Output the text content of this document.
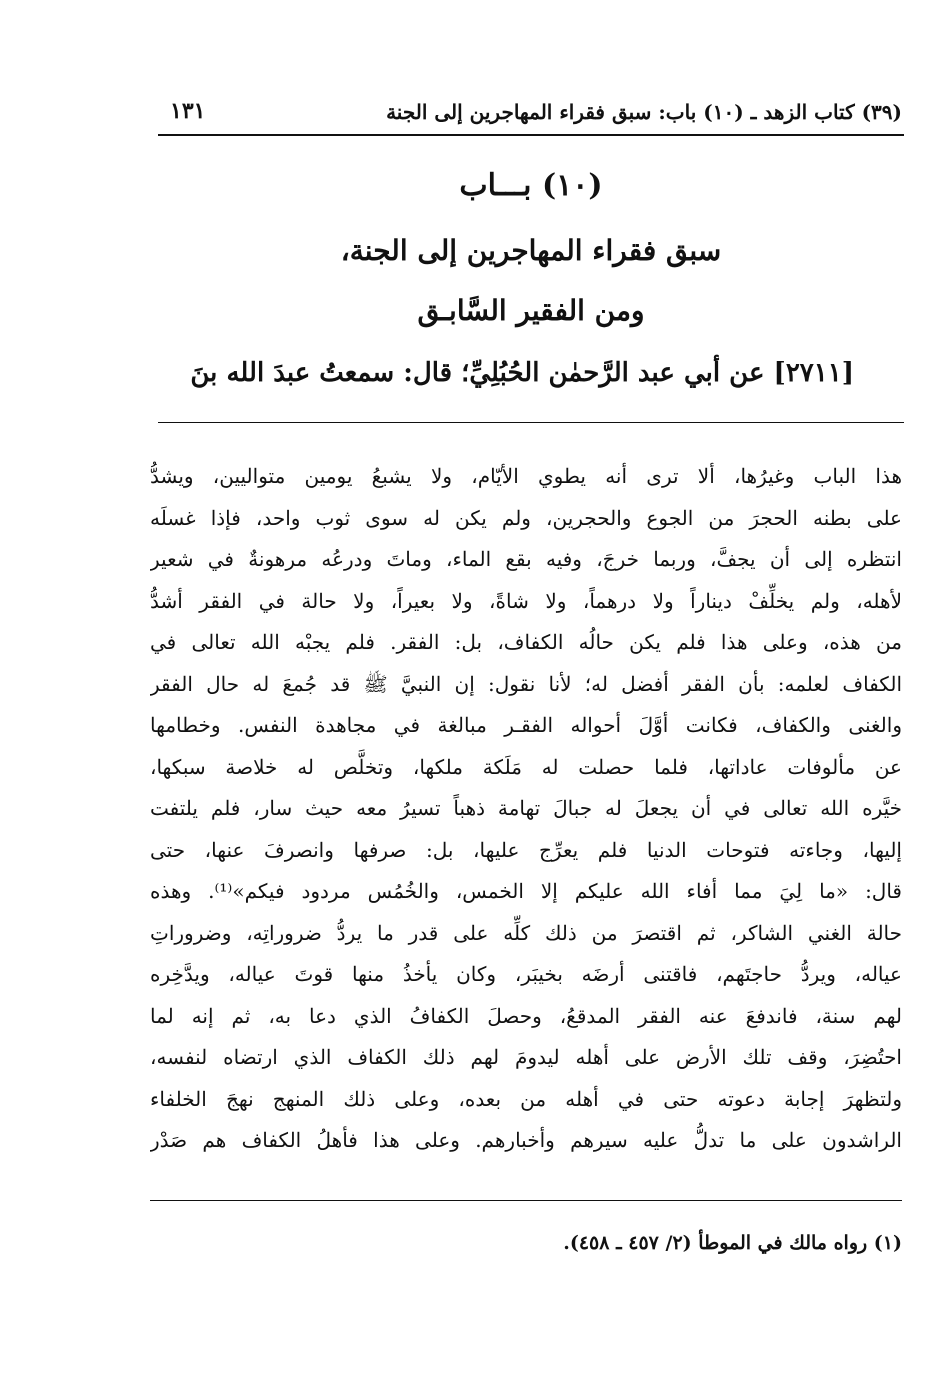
(٣٩) كتاب الزهد ـ (١٠) باب: سبق فقراء المهاجرين إلى الجنة
١٣١
(١٠) بـــاب
سبق فقراء المهاجرين إلى الجنة،
ومن الفقير السَّابـق
[٢٧١١] عن أبي عبد الرَّحمٰن الحُبُلِيِّ؛ قال: سمعتُ عبدَ الله بنَ
هذا الباب وغيرُها، ألا ترى أنه يطوي الأيّام، ولا يشبعُ يومين متواليين، ويشدُّ
على بطنه الحجرَ من الجوع والحجرين، ولم يكن له سوى ثوب واحد، فإذا غسلَه
انتظره إلى أن يجفَّ، وربما خرجَ، وفيه بقع الماء، وماتَ ودرعُه مرهونةٌ في شعير
لأهله، ولم يخلِّفْ ديناراً ولا درهماً، ولا شاةً، ولا بعيراً، ولا حالة في الفقر أشدُّ
من هذه، وعلى هذا فلم يكن حالُه الكفاف، بل: الفقر. فلم يجبْه الله تعالى في
الكفاف لعلمه: بأن الفقر أفضل له؛ لأنا نقول: إن النبيَّ ﷺ قد جُمعَ له حال الفقر
والغنى والكفاف، فكانت أوَّلَ أحواله الفقـر مبالغة في مجاهدة النفس. وخطامها
عن مألوفات عاداتها، فلما حصلت له مَلَكة ملكها، وتخلَّص له خلاصة سبكها،
خيَّره الله تعالى في أن يجعلَ له جبالَ تهامة ذهباً تسيرُ معه حيث سار، فلم يلتفت
إليها، وجاءته فتوحات الدنيا فلم يعرِّج عليها، بل: صرفها وانصرفَ عنها، حتى
قال: «ما لِيَ مما أفاء الله عليكم إلا الخمس، والخُمُس مردود فيكم»⁽¹⁾. وهذه
حالة الغني الشاكر، ثم اقتصرَ من ذلك كلِّه على قدر ما يردُّ ضروراتِه، وضروراتِ
عياله، ويردُّ حاجتَهم، فاقتنى أرضَه بخيبَر، وكان يأخذُ منها قوتَ عياله، ويدَّخِره
لهم سنة، فاندفعَ عنه الفقر المدقعُ، وحصلَ الكفافُ الذي دعا به، ثم إنه لما
احتُضِرَ، وقف تلك الأرض على أهله ليدومَ لهم ذلك الكفاف الذي ارتضاه لنفسه،
ولتظهرَ إجابة دعوته حتى في أهله من بعده، وعلى ذلك المنهج نهجَ الخلفاء
الراشدون على ما تدلُّ عليه سيرهم وأخبارهم. وعلى هذا فأهلُ الكفاف هم صَدْر
(١) رواه مالك في الموطأ (٢/ ٤٥٧ ـ ٤٥٨).
